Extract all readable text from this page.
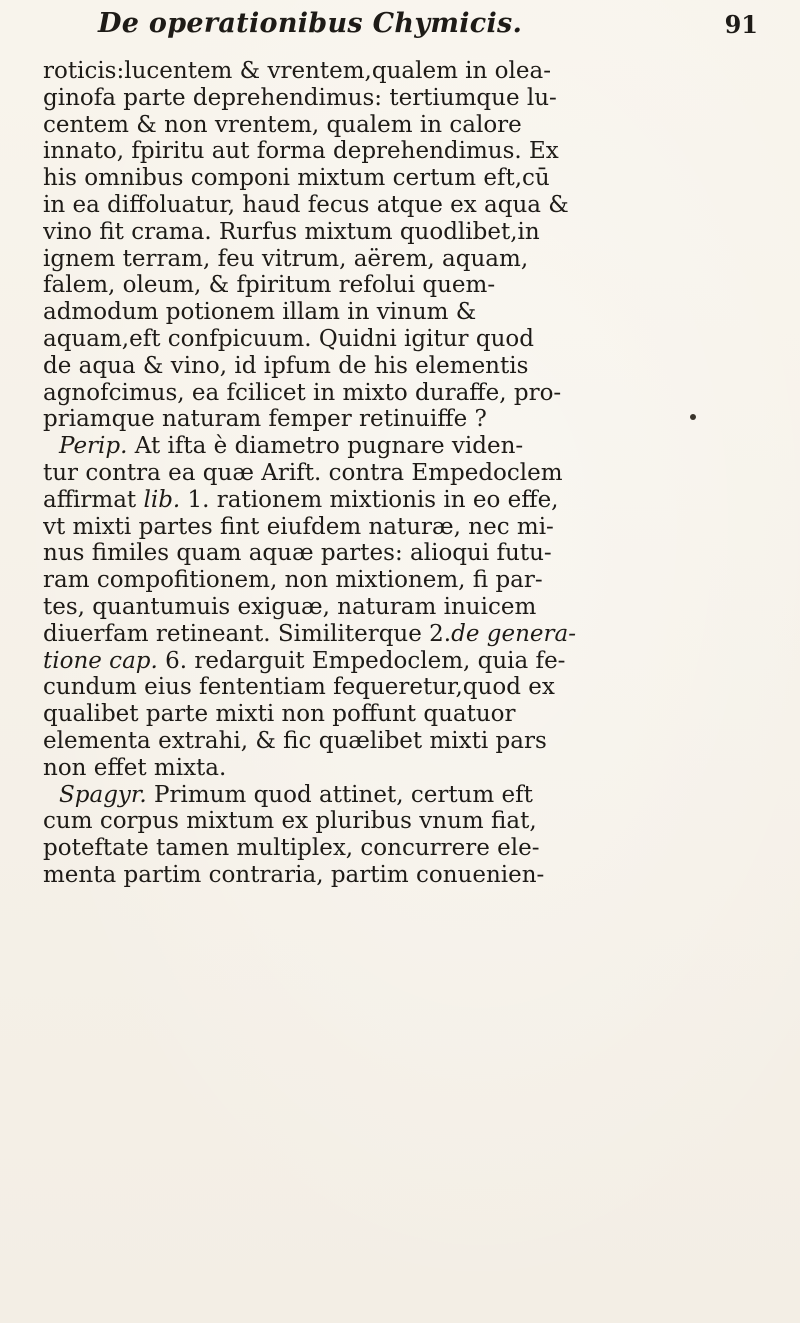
De operationibus Chymicis.	91
roticis:lucentem & vrentem,qualem in olea-
ginofa parte deprehendimus: tertiumque lu-
centem & non vrentem, qualem in calore
innato, fpiritu aut forma deprehendimus. Ex
his omnibus componi mixtum certum eft,cū
in ea diffoluatur, haud fecus atque ex aqua &
vino fit crama. Rurfus mixtum quodlibet,in
ignem terram, feu vitrum, aërem, aquam,
falem, oleum, & fpiritum refolui quem-
admodum potionem illam in vinum &
aquam,eft confpicuum. Quidni igitur quod
de aqua & vino, id ipfum de his elementis
agnofcimus, ea fcilicet in mixto duraffe, pro-
priamque naturam femper retinuiffe ?
Perip. At ifta è diametro pugnare viden-
tur contra ea quæ Arift. contra Empedoclem
affirmat lib. 1. rationem mixtionis in eo effe,
vt mixti partes fint eiufdem naturæ, nec mi-
nus fimiles quam aquæ partes: alioqui futu-
ram compofitionem, non mixtionem, fi par-
tes, quantumuis exiguæ, naturam inuicem
diuerfam retineant. Similiterque 2.de genera-
tione cap. 6. redarguit Empedoclem, quia fe-
cundum eius fententiam fequeretur,quod ex
qualibet parte mixti non poffunt quatuor
elementa extrahi, & fic quælibet mixti pars
non effet mixta.
Spagyr. Primum quod attinet, certum eft
cum corpus mixtum ex pluribus vnum fiat,
poteftate tamen multiplex, concurrere ele-
menta partim contraria, partim conuenien-
